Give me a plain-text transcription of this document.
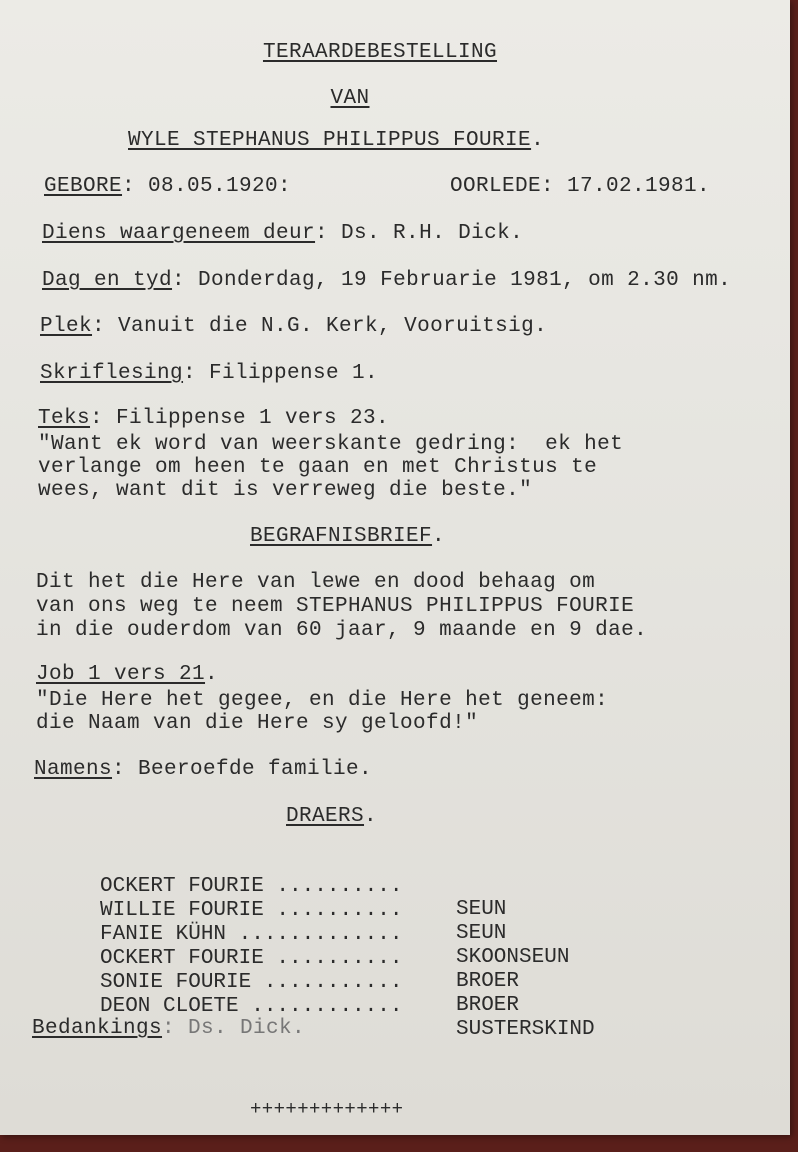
TERAARDEBESTELLING
VAN
WYLE STEPHANUS PHILIPPUS FOURIE.
GEBORE: 08.05.1920:	OORLEDE: 17.02.1981.
Diens waargeneem deur: Ds. R.H. Dick.
Dag en tyd: Donderdag, 19 Februarie 1981, om 2.30 nm.
Plek: Vanuit die N.G. Kerk, Vooruitsig.
Skriflesing: Filippense 1.
Teks: Filippense 1 vers 23.
"Want ek word van weerskante gedring:  ek het
verlange om heen te gaan en met Christus te
wees, want dit is verreweg die beste."
BEGRAFNISBRIEF.
Dit het die Here van lewe en dood behaag om
van ons weg te neem STEPHANUS PHILIPPUS FOURIE
in die ouderdom van 60 jaar, 9 maande en 9 dae.
Job 1 vers 21.
"Die Here het gegee, en die Here het geneem:
die Naam van die Here sy geloofd!"
Namens: Beeroefde familie.
DRAERS.

OCKERT FOURIE ..........

SEUN

WILLIE FOURIE ..........

SEUN

FANIE KÜHN .............

SKOONSEUN

OCKERT FOURIE ..........

BROER

SONIE FOURIE ...........

BROER

DEON CLOETE ............

SUSTERSKIND

Bedankings: Ds. Dick.
+++++++++++++
